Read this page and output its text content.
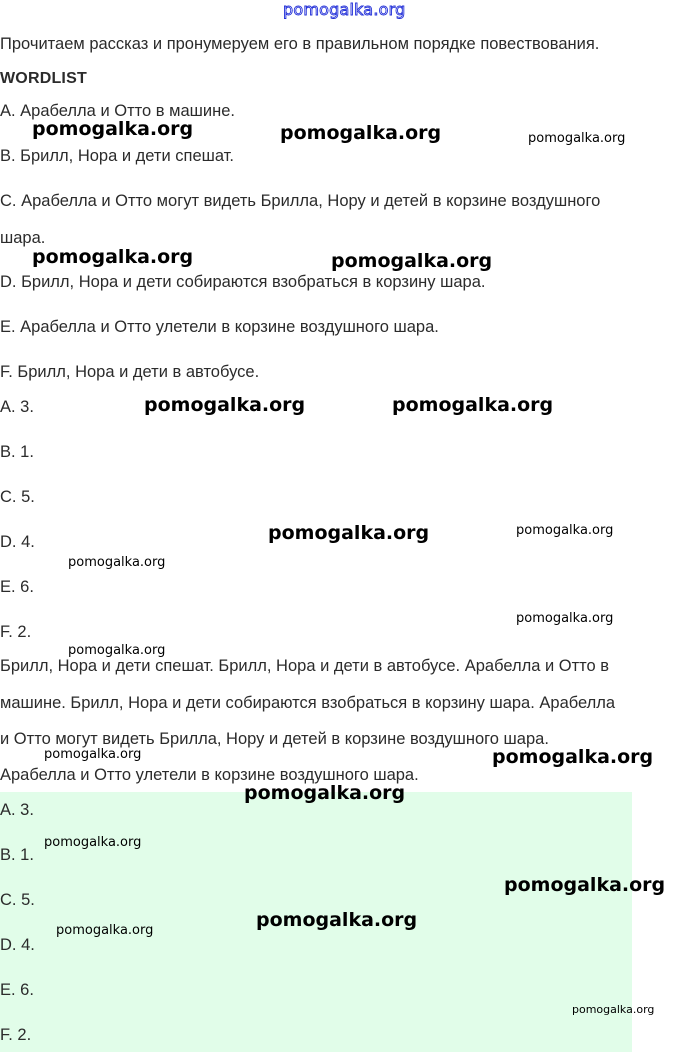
pomogalka.org
Прочитаем рассказ и пронумеруем его в правильном порядке повествования.
WORDLIST
A. Арабелла и Отто в машине.
B. Брилл, Нора и дети спешат.
C. Арабелла и Отто могут видеть Брилла, Нору и детей в корзине воздушного
шара.
D. Брилл, Нора и дети собираются взобраться в корзину шара.
E. Арабелла и Отто улетели в корзине воздушного шара.
F. Брилл, Нора и дети в автобусе.
A. 3.
B. 1.
C. 5.
D. 4.
E. 6.
F. 2.
Брилл, Нора и дети спешат. Брилл, Нора и дети в автобусе. Арабелла и Отто в
машине. Брилл, Нора и дети собираются взобраться в корзину шара. Арабелла
и Отто могут видеть Брилла, Нору и детей в корзине воздушного шара.
Арабелла и Отто улетели в корзине воздушного шара.
A. 3.
B. 1.
C. 5.
D. 4.
E. 6.
F. 2.
pomogalka.org	pomogalka.org	pomogalka.org
pomogalka.org	pomogalka.org
pomogalka.org	pomogalka.org
pomogalka.org	pomogalka.org
pomogalka.org
pomogalka.org
pomogalka.org
pomogalka.org	pomogalka.org
pomogalka.org
pomogalka.org
pomogalka.org
pomogalka.org
pomogalka.org
pomogalka.org
